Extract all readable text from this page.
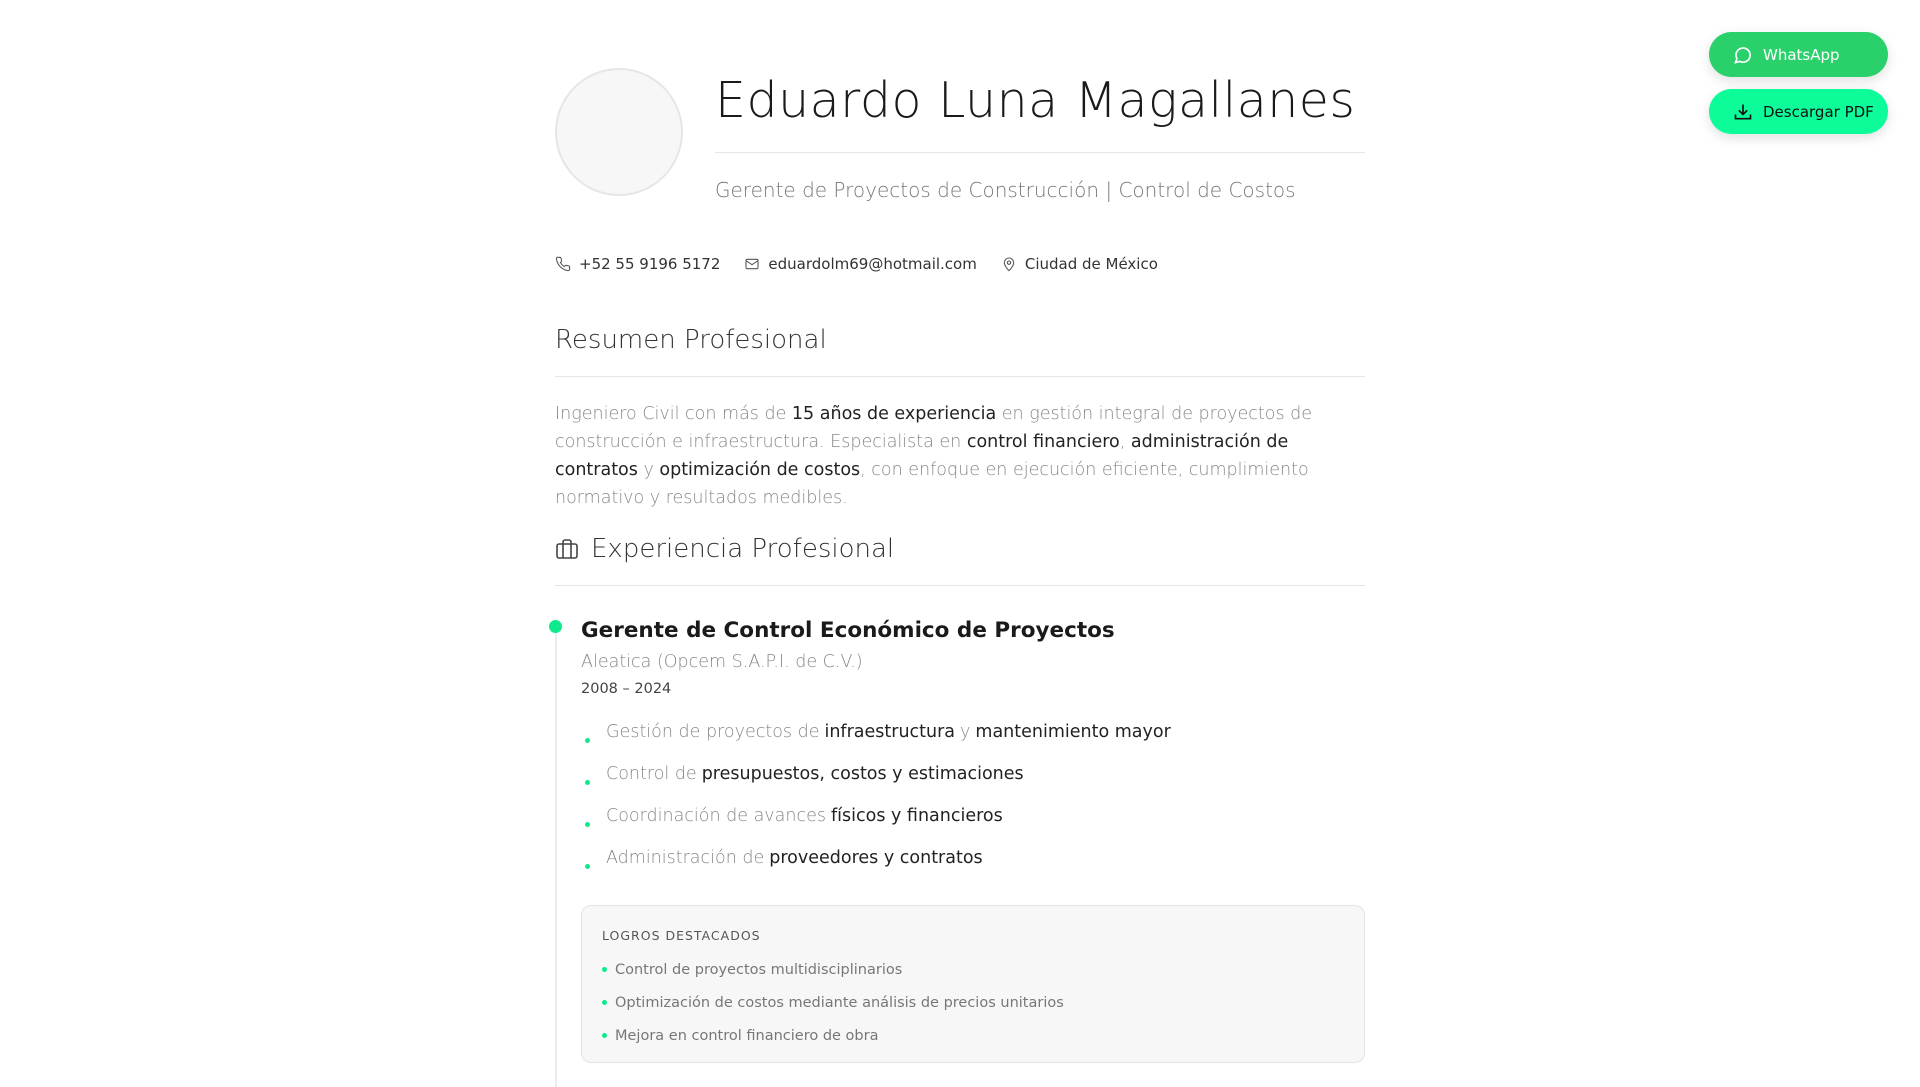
Eduardo Luna Magallanes
Gerente de Proyectos de Construcción | Control de Costos
+52 55 9196 5172	eduardolm69@hotmail.com	Ciudad de México
Resumen Profesional

Ingeniero Civil con más de 15 años de experiencia en gestión integral de proyectos de construcción e infraestructura. Especialista en control financiero, administración de contratos y optimización de costos, con enfoque en ejecución eficiente, cumplimiento normativo y resultados medibles.

Experiencia Profesional
Gerente de Control Económico de Proyectos
Aleatica (Opcem S.A.P.I. de C.V.)
2008 – 2024
Gestión de proyectos de infraestructura y mantenimiento mayor
Control de presupuestos, costos y estimaciones
Coordinación de avances físicos y financieros
Administración de proveedores y contratos
LOGROS DESTACADOS
Control de proyectos multidisciplinarios
Optimización de costos mediante análisis de precios unitarios
Mejora en control financiero de obra
WhatsApp
Descargar PDF
